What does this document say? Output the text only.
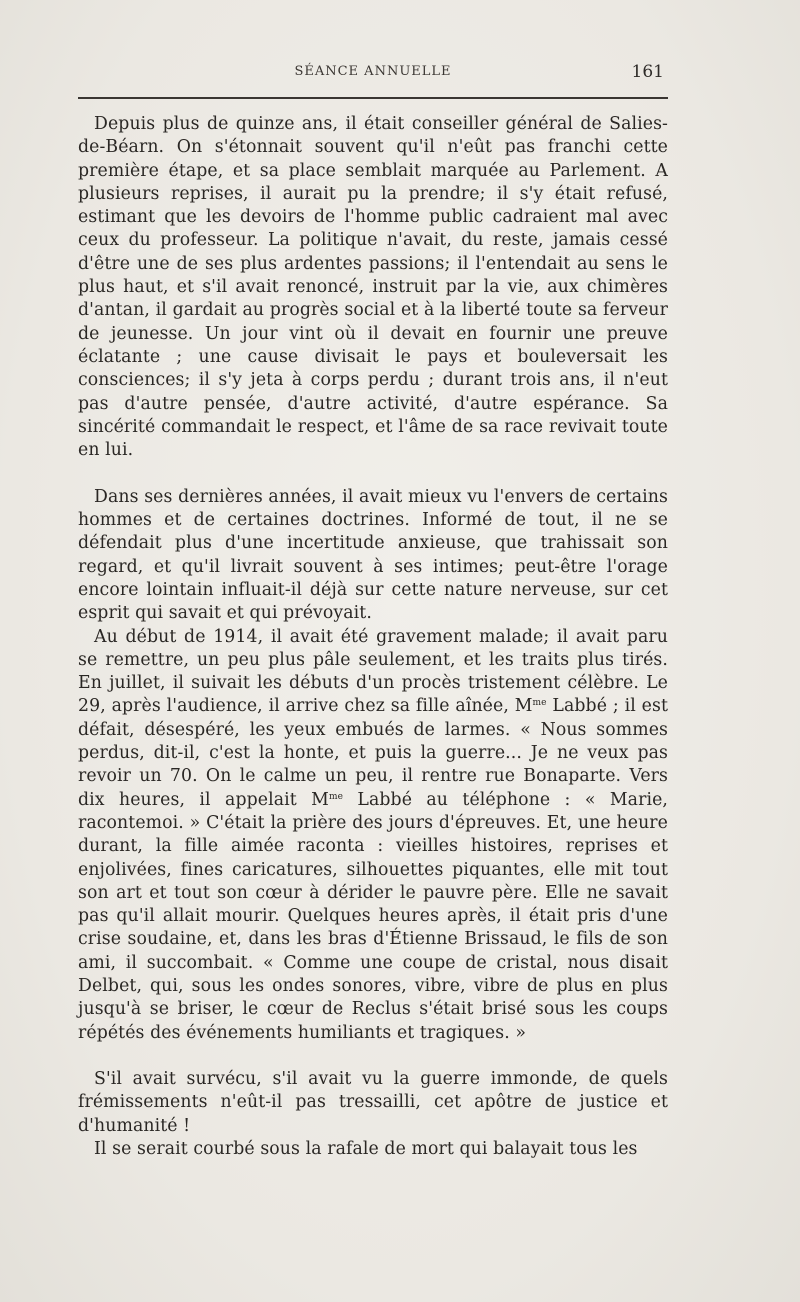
SÉANCE ANNUELLE	161

Depuis plus de quinze ans, il était conseiller général de Salies-de-Béarn. On s'étonnait souvent qu'il n'eût pas franchi cette première étape, et sa place semblait marquée au Parlement. A plusieurs reprises, il aurait pu la prendre; il s'y était refusé, estimant que les devoirs de l'homme public cadraient mal avec ceux du professeur. La politique n'avait, du reste, jamais cessé d'être une de ses plus ardentes passions; il l'entendait au sens le plus haut, et s'il avait renoncé, instruit par la vie, aux chimères d'antan, il gardait au progrès social et à la liberté toute sa ferveur de jeunesse. Un jour vint où il devait en fournir une preuve éclatante ; une cause divisait le pays et bouleversait les consciences; il s'y jeta à corps perdu ; durant trois ans, il n'eut pas d'autre pensée, d'autre activité, d'autre espérance. Sa sincérité commandait le respect, et l'âme de sa race revivait toute en lui.

Dans ses dernières années, il avait mieux vu l'envers de certains hommes et de certaines doctrines. Informé de tout, il ne se défendait plus d'une incertitude anxieuse, que trahissait son regard, et qu'il livrait souvent à ses intimes; peut-être l'orage encore lointain influait-il déjà sur cette nature nerveuse, sur cet esprit qui savait et qui prévoyait.

Au début de 1914, il avait été gravement malade; il avait paru se remettre, un peu plus pâle seulement, et les traits plus tirés. En juillet, il suivait les débuts d'un procès tristement célèbre. Le 29, après l'audience, il arrive chez sa fille aînée, $M^{me}$ Labbé ; il est défait, désespéré, les yeux embués de larmes. « Nous sommes perdus, dit-il, c'est la honte, et puis la guerre... Je ne veux pas revoir un 70. On le calme un peu, il rentre rue Bonaparte. Vers dix heures, il appelait $M^{me}$ Labbé au téléphone : « Marie, racontemoi. » C'était la prière des jours d'épreuves. Et, une heure durant, la fille aimée raconta : vieilles histoires, reprises et enjolivées, fines caricatures, silhouettes piquantes, elle mit tout son art et tout son cœur à dérider le pauvre père. Elle ne savait pas qu'il allait mourir. Quelques heures après, il était pris d'une crise soudaine, et, dans les bras d'Étienne Brissaud, le fils de son ami, il succombait. « Comme une coupe de cristal, nous disait Delbet, qui, sous les ondes sonores, vibre, vibre de plus en plus jusqu'à se briser, le cœur de Reclus s'était brisé sous les coups répétés des événements humiliants et tragiques. »

S'il avait survécu, s'il avait vu la guerre immonde, de quels frémissements n'eût-il pas tressailli, cet apôtre de justice et d'humanité !

Il se serait courbé sous la rafale de mort qui balayait tous les
